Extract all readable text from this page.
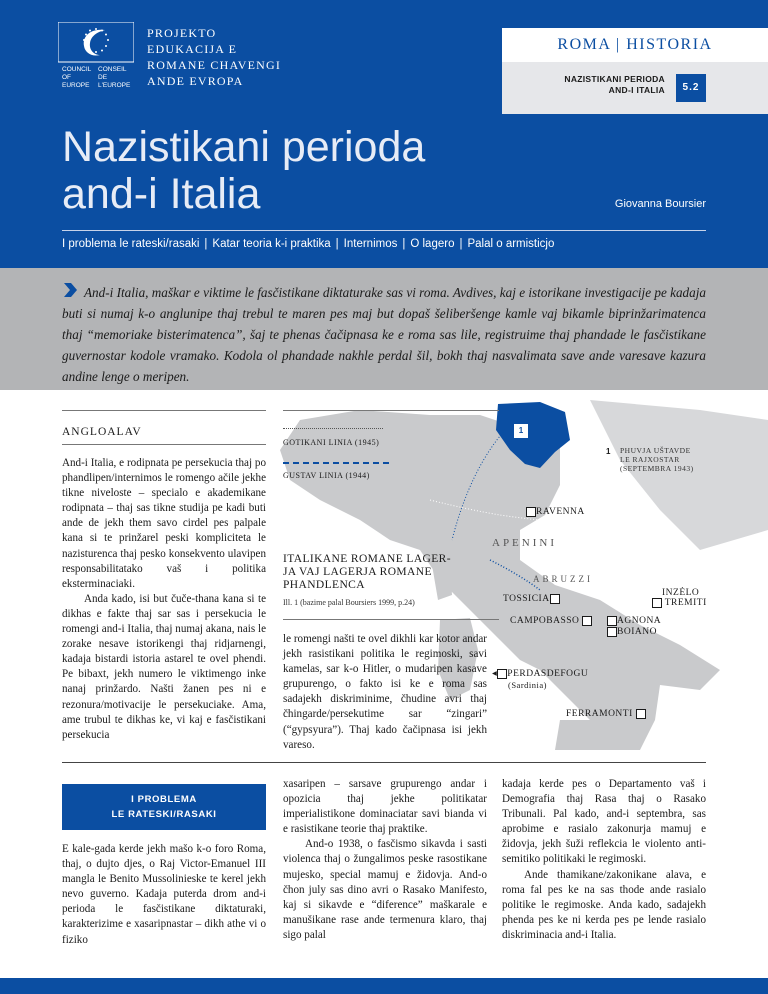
COUNCIL OF EUROPECONSEIL DE L'EUROPE
PROJEKTO
EDUKACIJA E
ROMANE CHAVENGI
ANDE EVROPA
ROMA | HISTORIA
NAZISTIKANI PERIODA
AND-I ITALIA	5.2
Nazistikani perioda
and-i Italia	Giovanna Boursier
I problema le rateski/rasaki | Katar teoria k-i praktika | Internimos | O lagero | Palal o armisticjo
And-i Italia, maškar e viktime le fasčistikane diktaturake sas vi roma. Avdives, kaj e istorikane investigacije pe kadaja buti si numaj k-o anglunipe thaj trebul te maren pes maj but dopaš šeliberšenge kamle vaj bikamle biprinžarimatenca thaj “memoriake bisterimatenca”, šaj te phenas čačipnasa ke e roma sas lile, registruime thaj phandade le fasčistikane guvernostar kodole vramako. Kodola ol phandade nakhle perdal šil, bokh thaj nasvalimata save ande varesave kazura andine lenge o meripen.
ANGLOALAV

And-i Italia, e rodipnata pe persekucia thaj po phandlipen/internimos le romengo ačile jekhe tikne niveloste – specialo e akademikane rodipnata – thaj sas tikne studija pe kadi buti ande de jekh them savo cirdel pes palpale kana si te prinžarel peski kompliciteta le nazisturenca thaj pesko konsekvento ulavipen responsabilitatako vaš i politika eksterminaciaki.

Anda kado, isi but čuče-thana kana si te dikhas e fakte thaj sar sas i persekucia le romengi and-i Italia, thaj numaj akana, nais le zorake nesave istorikengi thaj ridjarnengi, kadaja bistardi istoria astarel te ovel phendi. Pe bibaxt, jekh numero le viktimengo inke nanaj prinžardo. Našti žanen pes ni e rezonura/motivacije le persekuciake. Ama, ame trubul te dikhas ke, vi kaj e fasčistikani persekucia

GOTIKANI LINIA (1945)
GUSTAV LINIA (1944)
ITALIKANE ROMANE LAGER-
JA VAJ LAGERJA ROMANE
PHANDLENCA
Ill. 1 (bazime palal Boursiers 1999, p.24)
le romengi našti te ovel dikhli kar kotor andar jekh rasistikani politika le regimoski, savi kamelas, sar k-o Hitler, o mudaripen kasave grupurengo, o fakto isi ke e roma sas sadajekh diskriminime, čhudine avri thaj čhingarde/persekutime sar “zingari” (“gypsyura”). Thaj kado čačipnasa isi jekh vareso.
1
1 PHUVJA UŠTAVDE
LE RAJXOSTAR
(SEPTEMBRA 1943)
APENINI
ABRUZZI
RAVENNA
TOSSICIA
INZĖLO
TREMITI
CAMPOBASSO	AGNONA
BOIANO
◂ PERDASDEFOGU
(Sardinia)
FERRAMONTI
I PROBLEMA
LE RATESKI/RASAKI
E kale-gada kerde jekh mašo k-o foro Roma, thaj, o dujto djes, o Raj Victor-Emanuel III mangla le Benito Mussolinieske te kerel jekh nevo guverno. Kadaja puterda drom and-i perioda le fasčistikane diktaturaki, karakterizime e xasaripnastar – dikh athe vi o fiziko

xasaripen – sarsave grupurengo andar i opozicia thaj jekhe politikatar imperialistikone dominaciatar savi bianda vi e rasistikane teorie thaj praktike.

And-o 1938, o fasčismo sikavda i sasti violenca thaj o žungalimos peske rasostikane mujesko, special mamuj e židovja. And-o čhon july sas dino avri o Rasako Manifesto, kaj si sikavde e “diference” maškarale e manušikane rase ande termenura klaro, thaj sigo palal

kadaja kerde pes o Departamento vaš i Demografia thaj Rasa thaj o Rasako Tribunali. Pal kado, and-i septembra, sas aprobime e rasialo zakonurja mamuj e židovja, jekh šuži reflekcia le violento anti-semitiko politikaki le regimoski.

Ande thamikane/zakonikane alava, e roma fal pes ke na sas thode ande rasialo politike le regimoske. Anda kado, sadajekh phenda pes ke ni kerda pes pe lende rasialo diskriminacia and-i Italia.
